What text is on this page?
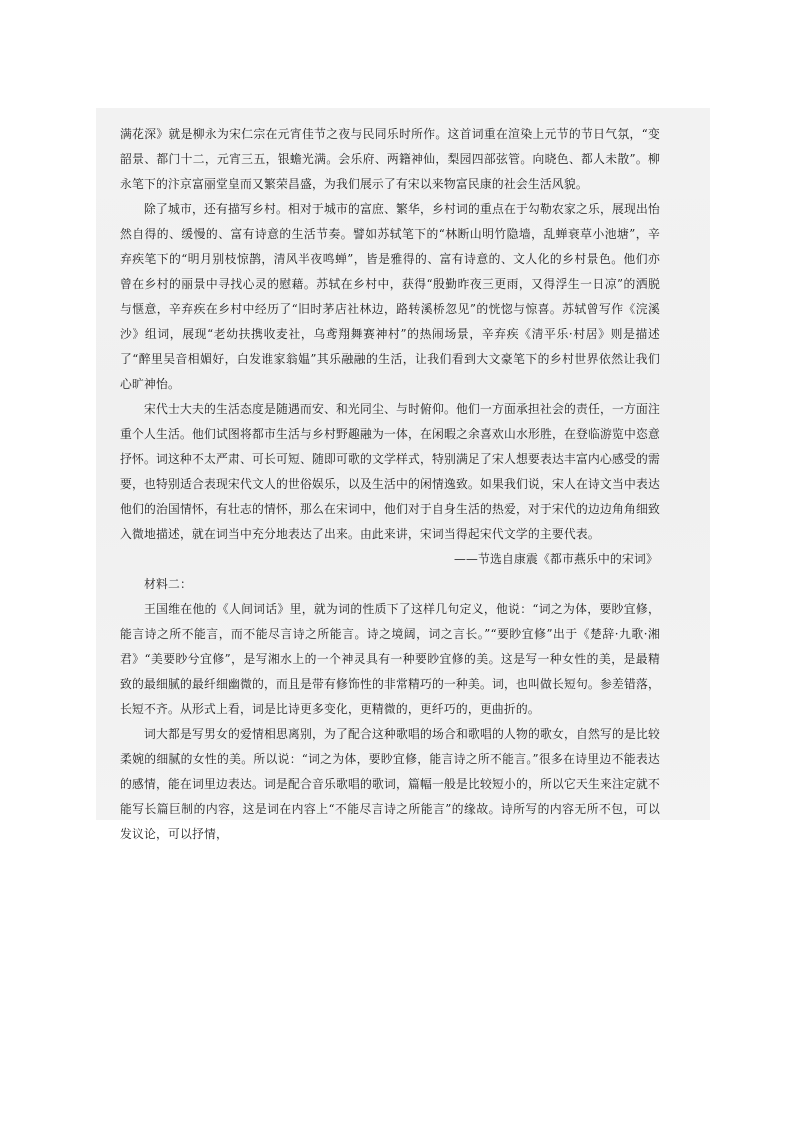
满花深》就是柳永为宋仁宗在元宵佳节之夜与民同乐时所作。这首词重在渲染上元节的节日气氛，“变韶景、都门十二，元宵三五，银蟾光满。会乐府、两籍神仙，梨园四部弦管。向晓色、都人未散”。柳永笔下的汴京富丽堂皇而又繁荣昌盛，为我们展示了有宋以来物富民康的社会生活风貌。

除了城市，还有描写乡村。相对于城市的富庶、繁华，乡村词的重点在于勾勒农家之乐，展现出怡然自得的、缓慢的、富有诗意的生活节奏。譬如苏轼笔下的“林断山明竹隐墙，乱蝉衰草小池塘”，辛弃疾笔下的“明月别枝惊鹊，清风半夜鸣蝉”，皆是雅得的、富有诗意的、文人化的乡村景色。他们亦曾在乡村的丽景中寻找心灵的慰藉。苏轼在乡村中，获得“殷勤昨夜三更雨，又得浮生一日凉”的洒脱与惬意，辛弃疾在乡村中经历了“旧时茅店社林边，路转溪桥忽见”的恍惚与惊喜。苏轼曾写作《浣溪沙》组词，展现“老幼扶携收麦社，乌鸢翔舞赛神村”的热闹场景，辛弃疾《清平乐·村居》则是描述了“醉里吴音相媚好，白发谁家翁媪”其乐融融的生活，让我们看到大文豪笔下的乡村世界依然让我们心旷神怡。

宋代士大夫的生活态度是随遇而安、和光同尘、与时俯仰。他们一方面承担社会的责任，一方面注重个人生活。他们试图将都市生活与乡村野趣融为一体，在闲暇之余喜欢山水形胜，在登临游览中恣意抒怀。词这种不太严肃、可长可短、随即可歌的文学样式，特别满足了宋人想要表达丰富内心感受的需要，也特别适合表现宋代文人的世俗娱乐，以及生活中的闲情逸致。如果我们说，宋人在诗文当中表达他们的治国情怀，有壮志的情怀，那么在宋词中，他们对于自身生活的热爱，对于宋代的边边角角细致入微地描述，就在词当中充分地表达了出来。由此来讲，宋词当得起宋代文学的主要代表。

——节选自康震《都市燕乐中的宋词》

材料二：

王国维在他的《人间词话》里，就为词的性质下了这样几句定义，他说：“词之为体，要眇宜修，能言诗之所不能言，而不能尽言诗之所能言。诗之境阔，词之言长。”“要眇宜修”出于《楚辞·九歌·湘君》“美要眇兮宜修”，是写湘水上的一个神灵具有一种要眇宜修的美。这是写一种女性的美，是最精致的最细腻的最纤细幽微的，而且是带有修饰性的非常精巧的一种美。词，也叫做长短句。参差错落，长短不齐。从形式上看，词是比诗更多变化，更精微的，更纤巧的，更曲折的。

词大都是写男女的爱情相思离别，为了配合这种歌唱的场合和歌唱的人物的歌女，自然写的是比较柔婉的细腻的女性的美。所以说：“词之为体，要眇宜修，能言诗之所不能言。”很多在诗里边不能表达的感情，能在词里边表达。词是配合音乐歌唱的歌词，篇幅一般是比较短小的，所以它天生来注定就不能写长篇巨制的内容，这是词在内容上“不能尽言诗之所能言”的缘故。诗所写的内容无所不包，可以发议论，可以抒情，
